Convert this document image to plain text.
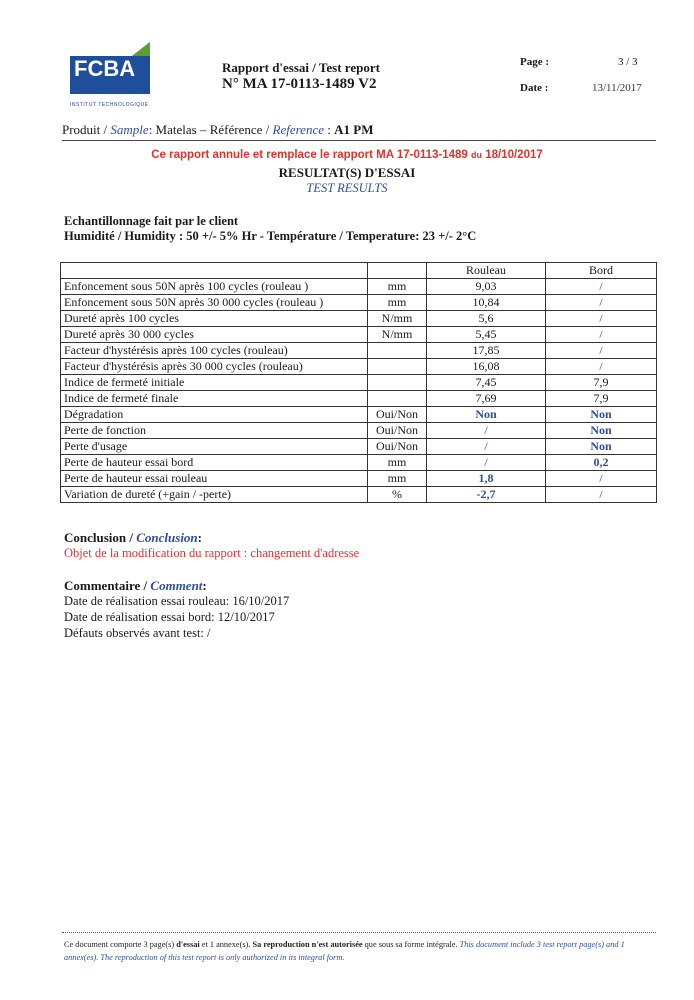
FCBA
INSTITUT TECHNOLOGIQUE
Rapport d'essai / Test report
N° MA 17-0113-1489 V2
Page :	3 / 3
Date :	13/11/2017
Produit / Sample: Matelas – Référence / Reference : A1 PM
Ce rapport annule et remplace le rapport MA 17-0113-1489 du 18/10/2017
RESULTAT(S) D'ESSAI
TEST RESULTS
Echantillonnage fait par le client
Humidité / Humidity : 50 +/- 5% Hr - Température / Temperature: 23 +/- 2°C
		Rouleau	Bord
Enfoncement sous 50N après 100 cycles (rouleau )	mm	9,03	/
Enfoncement sous 50N après 30 000 cycles (rouleau )	mm	10,84	/
Dureté après 100 cycles	N/mm	5,6	/
Dureté après 30 000 cycles	N/mm	5,45	/
Facteur d'hystérésis après 100 cycles (rouleau)		17,85	/
Facteur d'hystérésis après 30 000 cycles (rouleau)		16,08	/
Indice de fermeté initiale		7,45	7,9
Indice de fermeté finale		7,69	7,9
Dégradation	Oui/Non	Non	Non
Perte de fonction	Oui/Non	/	Non
Perte d'usage	Oui/Non	/	Non
Perte de hauteur essai bord	mm	/	0,2
Perte de hauteur essai rouleau	mm	1,8	/
Variation de dureté (+gain / -perte)	%	-2,7	/
Conclusion / Conclusion:
Objet de la modification du rapport : changement d'adresse
Commentaire / Comment:
Date de réalisation essai rouleau: 16/10/2017
Date de réalisation essai bord: 12/10/2017
Défauts observés avant test: /
Ce document comporte 3 page(s) d'essai et 1 annexe(s). Sa reproduction n'est autorisée que sous sa forme intégrale. This document include 3 test report page(s) and 1 annex(es). The reproduction of this test report is only authorized in its integral form.
